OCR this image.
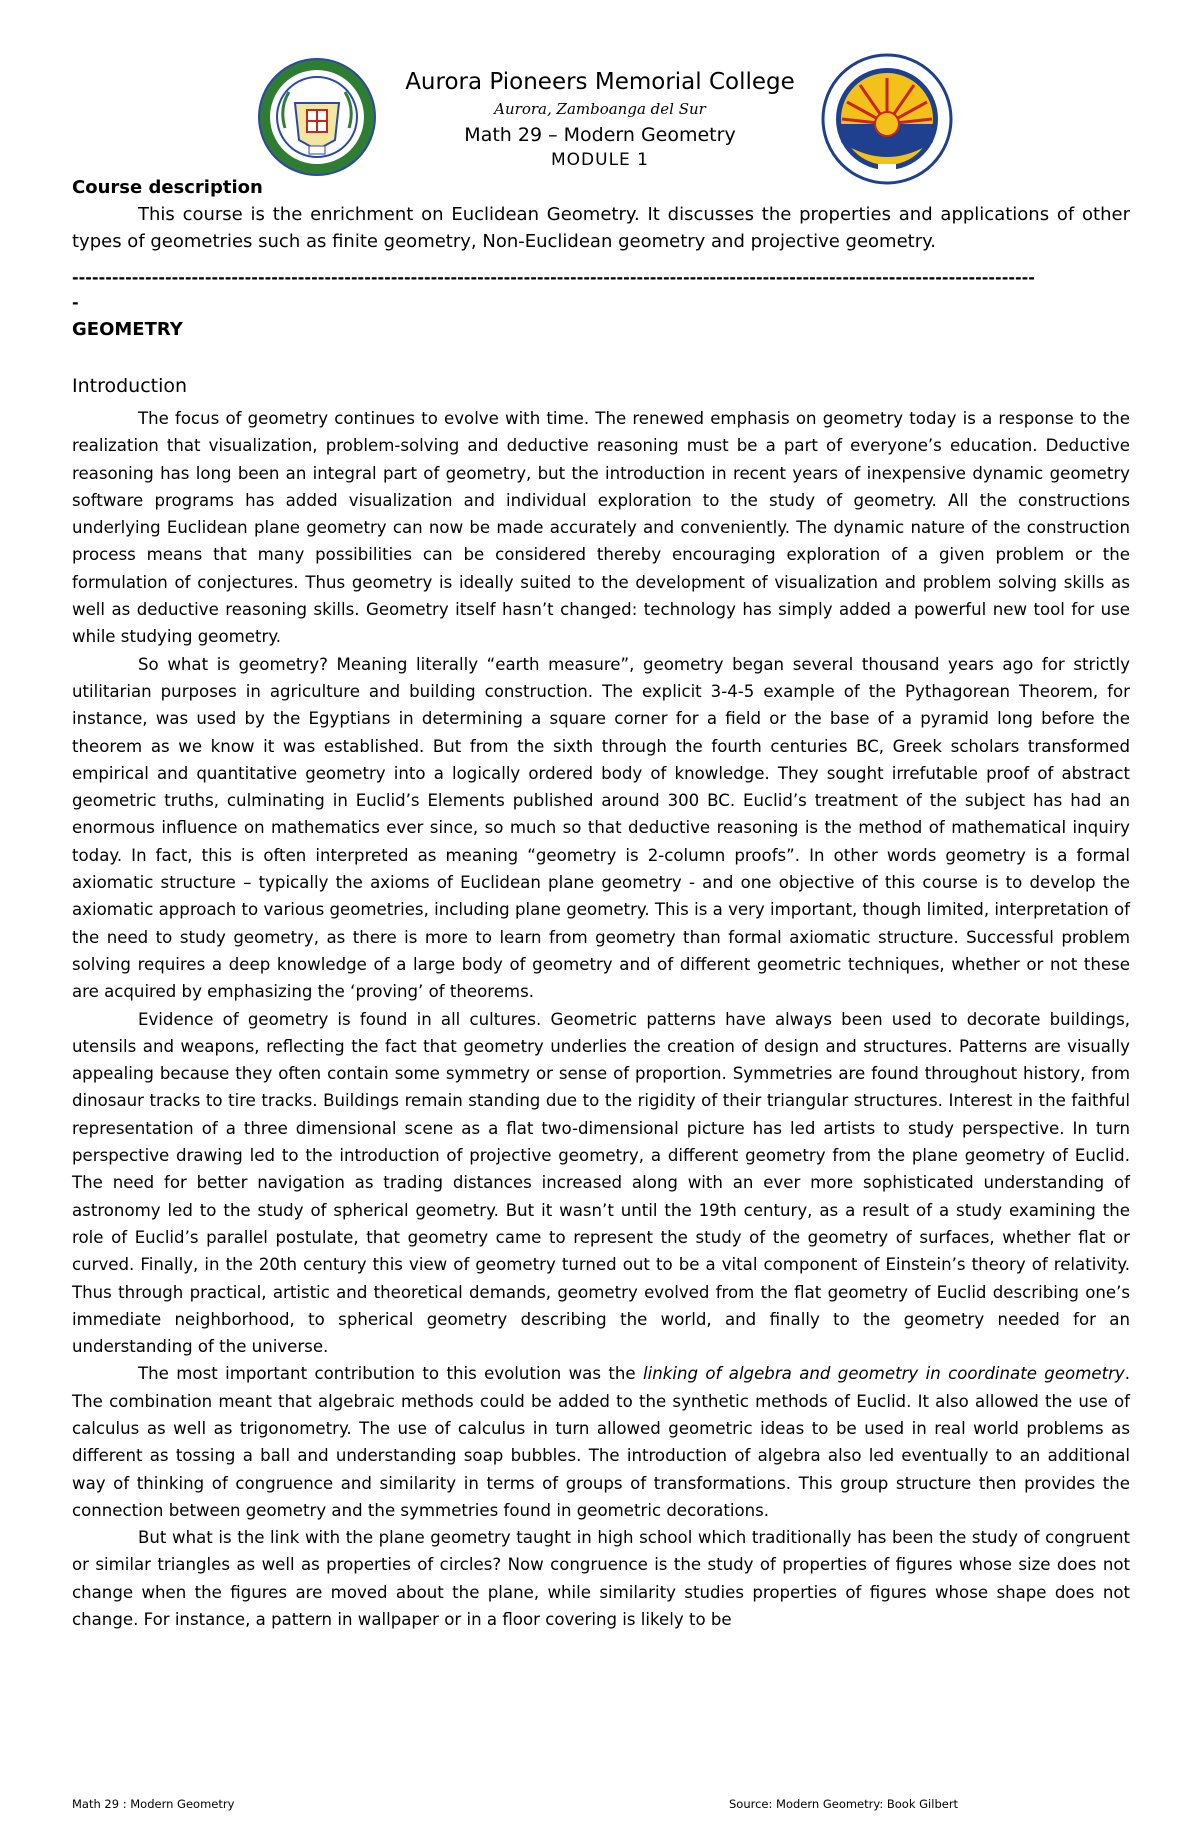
Aurora Pioneers Memorial College
Aurora, Zamboanga del Sur
Math 29 – Modern Geometry
MODULE 1

Course description

This course is the enrichment on Euclidean Geometry. It discusses the properties and applications of other types of geometries such as finite geometry, Non-Euclidean geometry and projective geometry.

-------------------------------------------------------------------------------------------------------------------------------------------------
-
GEOMETRY
Introduction

The focus of geometry continues to evolve with time. The renewed emphasis on geometry today is a response to the realization that visualization, problem-solving and deductive reasoning must be a part of everyone’s education. Deductive reasoning has long been an integral part of geometry, but the introduction in recent years of inexpensive dynamic geometry software programs has added visualization and individual exploration to the study of geometry. All the constructions underlying Euclidean plane geometry can now be made accurately and conveniently. The dynamic nature of the construction process means that many possibilities can be considered thereby encouraging exploration of a given problem or the formulation of conjectures. Thus geometry is ideally suited to the development of visualization and problem solving skills as well as deductive reasoning skills. Geometry itself hasn’t changed: technology has simply added a powerful new tool for use while studying geometry.

So what is geometry? Meaning literally “earth measure”, geometry began several thousand years ago for strictly utilitarian purposes in agriculture and building construction. The explicit 3-4-5 example of the Pythagorean Theorem, for instance, was used by the Egyptians in determining a square corner for a field or the base of a pyramid long before the theorem as we know it was established. But from the sixth through the fourth centuries BC, Greek scholars transformed empirical and quantitative geometry into a logically ordered body of knowledge. They sought irrefutable proof of abstract geometric truths, culminating in Euclid’s Elements published around 300 BC. Euclid’s treatment of the subject has had an enormous influence on mathematics ever since, so much so that deductive reasoning is the method of mathematical inquiry today. In fact, this is often interpreted as meaning “geometry is 2-column proofs”. In other words geometry is a formal axiomatic structure – typically the axioms of Euclidean plane geometry - and one objective of this course is to develop the axiomatic approach to various geometries, including plane geometry. This is a very important, though limited, interpretation of the need to study geometry, as there is more to learn from geometry than formal axiomatic structure. Successful problem solving requires a deep knowledge of a large body of geometry and of different geometric techniques, whether or not these are acquired by emphasizing the ‘proving’ of theorems.

Evidence of geometry is found in all cultures. Geometric patterns have always been used to decorate buildings, utensils and weapons, reflecting the fact that geometry underlies the creation of design and structures. Patterns are visually appealing because they often contain some symmetry or sense of proportion. Symmetries are found throughout history, from dinosaur tracks to tire tracks. Buildings remain standing due to the rigidity of their triangular structures. Interest in the faithful representation of a three dimensional scene as a flat two-dimensional picture has led artists to study perspective. In turn perspective drawing led to the introduction of projective geometry, a different geometry from the plane geometry of Euclid. The need for better navigation as trading distances increased along with an ever more sophisticated understanding of astronomy led to the study of spherical geometry. But it wasn’t until the 19th century, as a result of a study examining the role of Euclid’s parallel postulate, that geometry came to represent the study of the geometry of surfaces, whether flat or curved. Finally, in the 20th century this view of geometry turned out to be a vital component of Einstein’s theory of relativity. Thus through practical, artistic and theoretical demands, geometry evolved from the flat geometry of Euclid describing one’s immediate neighborhood, to spherical geometry describing the world, and finally to the geometry needed for an understanding of the universe.

The most important contribution to this evolution was the linking of algebra and geometry in coordinate geometry. The combination meant that algebraic methods could be added to the synthetic methods of Euclid. It also allowed the use of calculus as well as trigonometry. The use of calculus in turn allowed geometric ideas to be used in real world problems as different as tossing a ball and understanding soap bubbles. The introduction of algebra also led eventually to an additional way of thinking of congruence and similarity in terms of groups of transformations. This group structure then provides the connection between geometry and the symmetries found in geometric decorations.

But what is the link with the plane geometry taught in high school which traditionally has been the study of congruent or similar triangles as well as properties of circles? Now congruence is the study of properties of figures whose size does not change when the figures are moved about the plane, while similarity studies properties of figures whose shape does not change. For instance, a pattern in wallpaper or in a floor covering is likely to be

Math 29 : Modern Geometry	Source: Modern Geometry: Book Gilbert
